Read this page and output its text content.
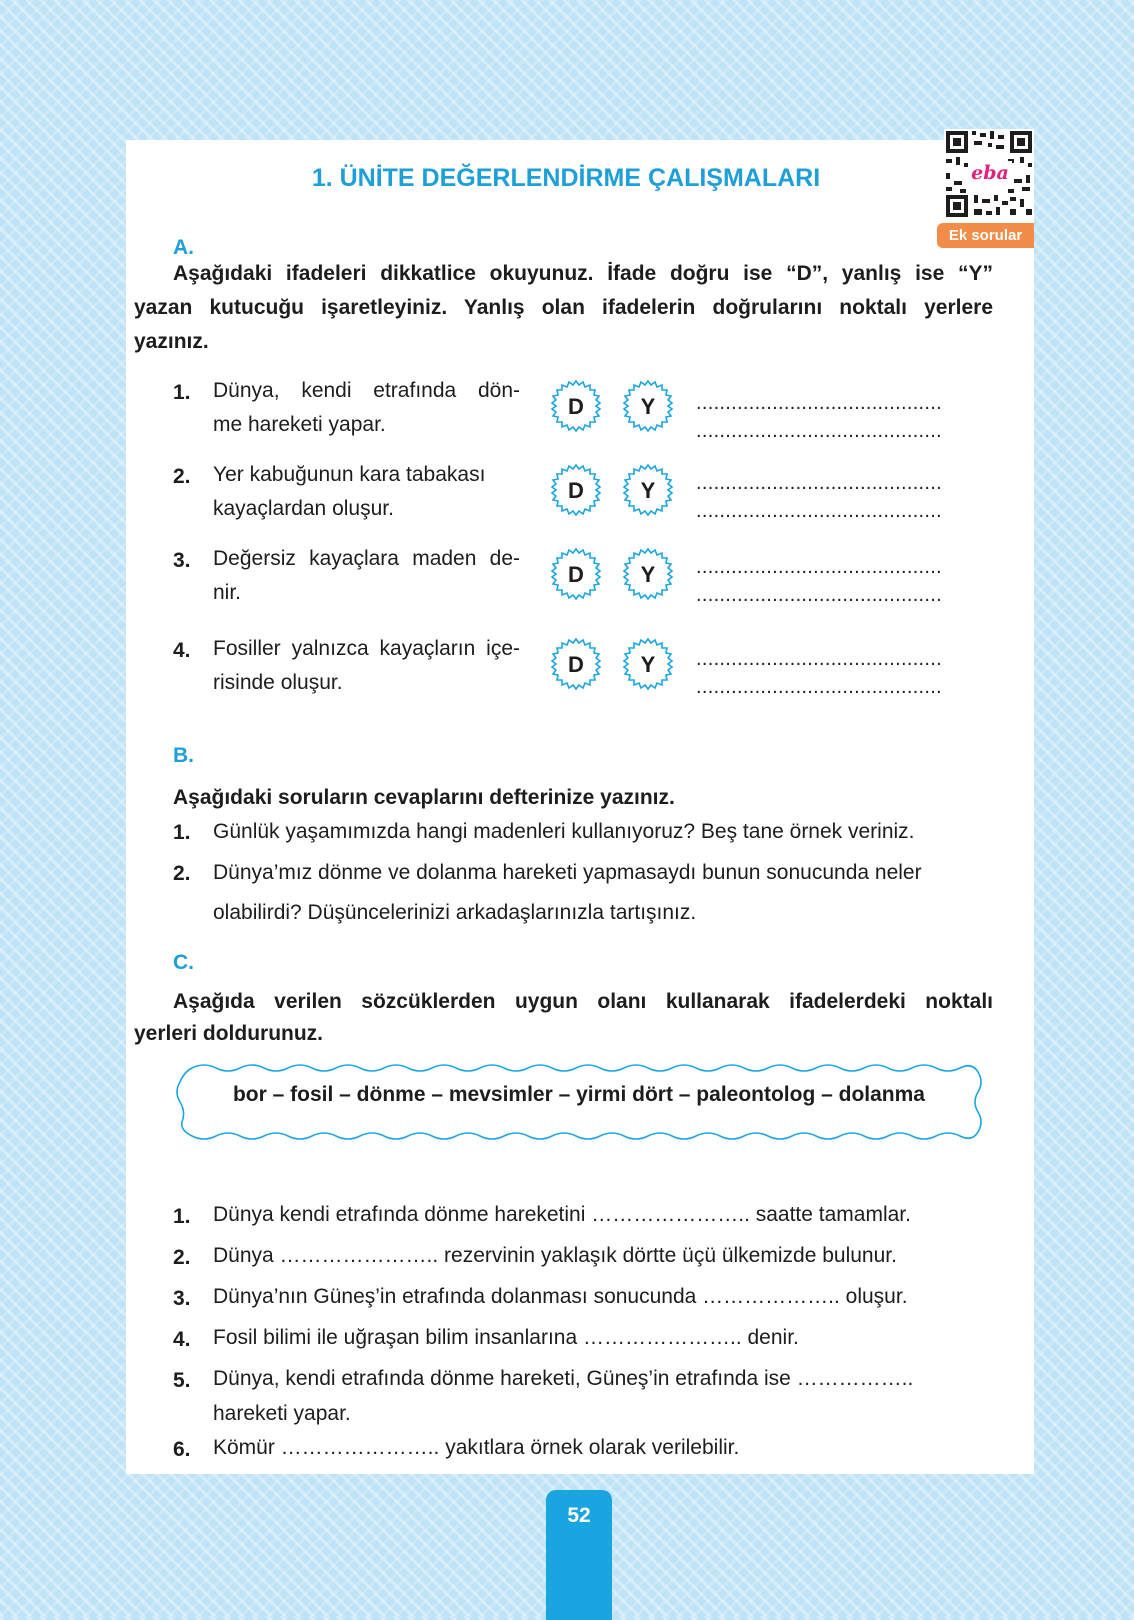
1. ÜNİTE DEĞERLENDİRME ÇALIŞMALARI	eba
Ek sorular
A.
Aşağıdaki ifadeleri dikkatlice okuyunuz. İfade doğru ise “D”, yanlış ise “Y”
yazan kutucuğu işaretleyiniz. Yanlış olan ifadelerin doğrularını noktalı yerlere
yazınız.
1. Dünya, kendi etrafında dön-
me hareketi yapar.
D	Y ..........................................
..........................................
2. Yer kabuğunun kara tabakası
kayaçlardan oluşur.
D	Y ..........................................
..........................................
3. Değersiz kayaçlara maden de-
nir.
D	Y ..........................................
..........................................
4. Fosiller yalnızca kayaçların içe-
risinde oluşur.
D	Y ..........................................
..........................................
B.
Aşağıdaki soruların cevaplarını defterinize yazınız.
1. Günlük yaşamımızda hangi madenleri kullanıyoruz? Beş tane örnek veriniz.
2. Dünya’mız dönme ve dolanma hareketi yapmasaydı bunun sonucunda neler
olabilirdi? Düşüncelerinizi arkadaşlarınızla tartışınız.
C.
Aşağıda verilen sözcüklerden uygun olanı kullanarak ifadelerdeki noktalı
yerleri doldurunuz.
bor – fosil – dönme – mevsimler – yirmi dört – paleontolog – dolanma
1. Dünya kendi etrafında dönme hareketini ………………….. saatte tamamlar.
2. Dünya ………………….. rezervinin yaklaşık dörtte üçü ülkemizde bulunur.
3. Dünya’nın Güneş’in etrafında dolanması sonucunda ……………….. oluşur.
4. Fosil bilimi ile uğraşan bilim insanlarına ………………….. denir.
5. Dünya, kendi etrafında dönme hareketi, Güneş’in etrafında ise ……………..
hareketi yapar.
6. Kömür ………………….. yakıtlara örnek olarak verilebilir.
52
